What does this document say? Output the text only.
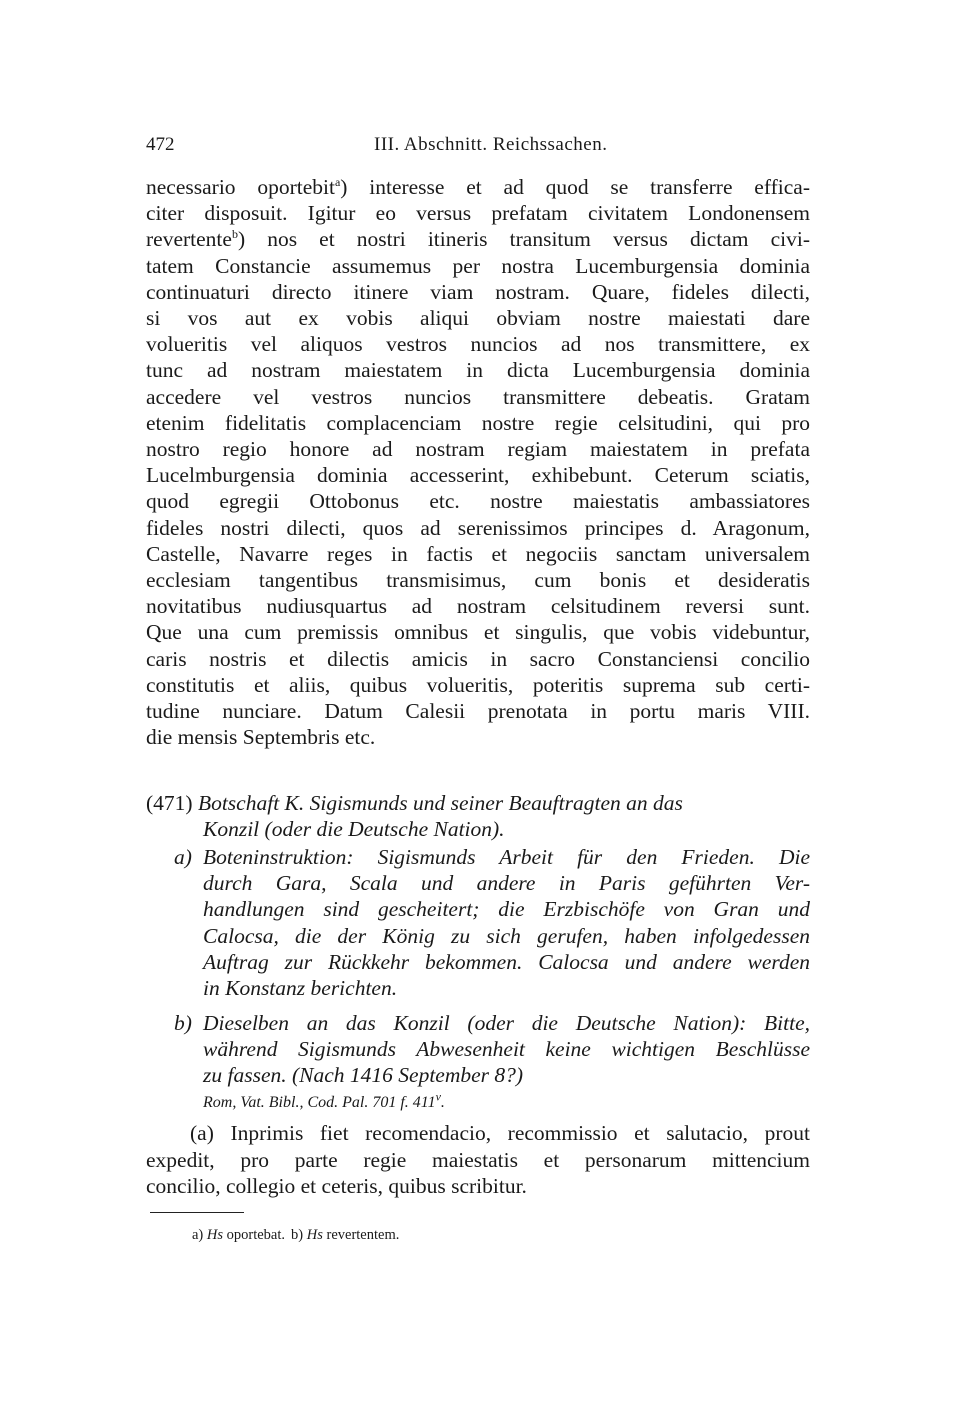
472	III. Abschnitt. Reichssachen.
necessario oportebit$^a$) interesse et ad quod se transferre effica-
citer disposuit. Igitur eo versus prefatam civitatem Londonensem
revertente$^b$) nos et nostri itineris transitum versus dictam civi-
tatem Constancie assumemus per nostra Lucemburgensia dominia
continuaturi directo itinere viam nostram. Quare, fideles dilecti,
si vos aut ex vobis aliqui obviam nostre maiestati dare
volueritis vel aliquos vestros nuncios ad nos transmittere, ex
tunc ad nostram maiestatem in dicta Lucemburgensia dominia
accedere vel vestros nuncios transmittere debeatis. Gratam
etenim fidelitatis complacenciam nostre regie celsitudini, qui pro
nostro regio honore ad nostram regiam maiestatem in prefata
Lucelmburgensia dominia accesserint, exhibebunt. Ceterum sciatis,
quod egregii Ottobonus etc. nostre maiestatis ambassiatores
fideles nostri dilecti, quos ad serenissimos principes d. Aragonum,
Castelle, Navarre reges in factis et negociis sanctam universalem
ecclesiam tangentibus transmisimus, cum bonis et desideratis
novitatibus nudiusquartus ad nostram celsitudinem reversi sunt.
Que una cum premissis omnibus et singulis, que vobis videbuntur,
caris nostris et dilectis amicis in sacro Constanciensi concilio
constitutis et aliis, quibus volueritis, poteritis suprema sub certi-
tudine nunciare. Datum Calesii prenotata in portu maris VIII.
die mensis Septembris etc.
(471) Botschaft K. Sigismunds und seiner Beauftragten an das
Konzil (oder die Deutsche Nation).
a) Boteninstruktion: Sigismunds Arbeit für den Frieden. Die
durch Gara, Scala und andere in Paris geführten Ver-
handlungen sind gescheitert; die Erzbischöfe von Gran und
Calocsa, die der König zu sich gerufen, haben infolgedessen
Auftrag zur Rückkehr bekommen. Calocsa und andere werden
in Konstanz berichten.
b) Dieselben an das Konzil (oder die Deutsche Nation): Bitte,
während Sigismunds Abwesenheit keine wichtigen Beschlüsse
zu fassen. (Nach 1416 September 8?)
Rom, Vat. Bibl., Cod. Pal. 701 f. 411$^v$.
(a) Inprimis fiet recomendacio, recommissio et salutacio, prout
expedit, pro parte regie maiestatis et personarum mittencium
concilio, collegio et ceteris, quibus scribitur.
a) Hs oportebat. b) Hs revertentem.
